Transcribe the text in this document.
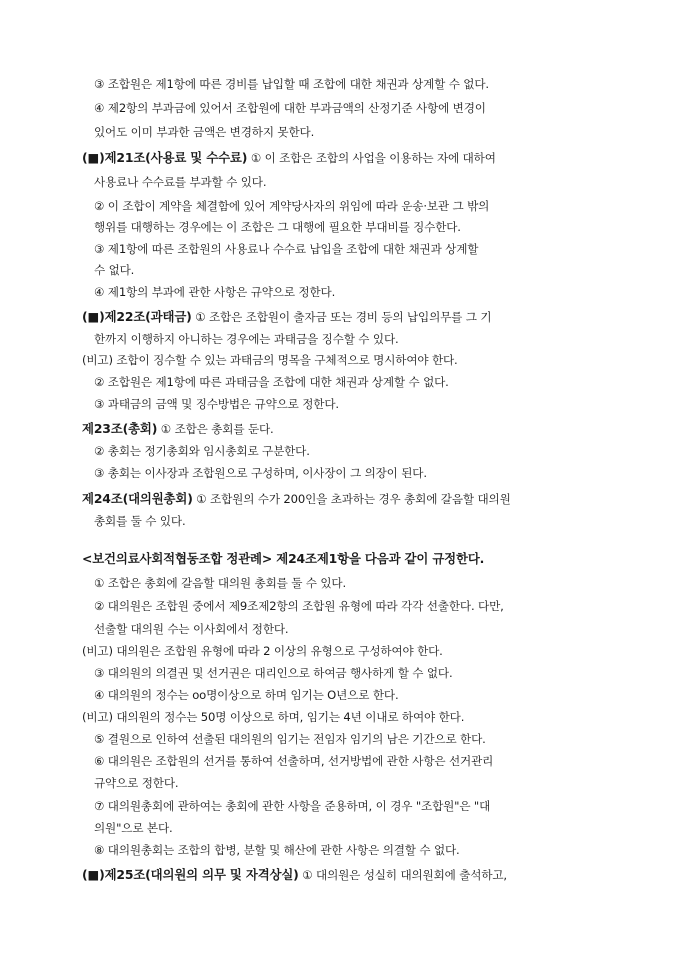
③ 조합원은 제1항에 따른 경비를 납입할 때 조합에 대한 채권과 상계할 수 없다.
④ 제2항의 부과금에 있어서 조합원에 대한 부과금액의 산정기준 사항에 변경이
있어도 이미 부과한 금액은 변경하지 못한다.
(■)제21조(사용료 및 수수료) ① 이 조합은 조합의 사업을 이용하는 자에 대하여
사용료나 수수료를 부과할 수 있다.
② 이 조합이 계약을 체결함에 있어 계약당사자의 위임에 따라 운송·보관 그 밖의
행위를 대행하는 경우에는 이 조합은 그 대행에 필요한 부대비를 징수한다.
③ 제1항에 따른 조합원의 사용료나 수수료 납입을 조합에 대한 채권과 상계할
수 없다.
④ 제1항의 부과에 관한 사항은 규약으로 정한다.
(■)제22조(과태금) ① 조합은 조합원이 출자금 또는 경비 등의 납입의무를 그 기
한까지 이행하지 아니하는 경우에는 과태금을 징수할 수 있다.
(비고) 조합이 징수할 수 있는 과태금의 명목을 구체적으로 명시하여야 한다.
② 조합원은 제1항에 따른 과태금을 조합에 대한 채권과 상계할 수 없다.
③ 과태금의 금액 및 징수방법은 규약으로 정한다.
제23조(총회) ① 조합은 총회를 둔다.
② 총회는 정기총회와 임시총회로 구분한다.
③ 총회는 이사장과 조합원으로 구성하며, 이사장이 그 의장이 된다.
제24조(대의원총회) ① 조합원의 수가 200인을 초과하는 경우 총회에 갈음할 대의원
총회를 둘 수 있다.
<보건의료사회적협동조합 정관례> 제24조제1항을 다음과 같이 규정한다.
① 조합은 총회에 갈음할 대의원 총회를 둘 수 있다.
② 대의원은 조합원 중에서 제9조제2항의 조합원 유형에 따라 각각 선출한다. 다만,
선출할 대의원 수는 이사회에서 정한다.
(비고) 대의원은 조합원 유형에 따라 2 이상의 유형으로 구성하여야 한다.
③ 대의원의 의결권 및 선거권은 대리인으로 하여금 행사하게 할 수 없다.
④ 대의원의 정수는 oo명이상으로 하며 임기는 O년으로 한다.
(비고) 대의원의 정수는 50명 이상으로 하며, 임기는 4년 이내로 하여야 한다.
⑤ 결원으로 인하여 선출된 대의원의 임기는 전임자 임기의 남은 기간으로 한다.
⑥ 대의원은 조합원의 선거를 통하여 선출하며, 선거방법에 관한 사항은 선거관리
규약으로 정한다.
⑦ 대의원총회에 관하여는 총회에 관한 사항을 준용하며, 이 경우 "조합원"은 "대
의원"으로 본다.
⑧ 대의원총회는 조합의 합병, 분할 및 해산에 관한 사항은 의결할 수 없다.
(■)제25조(대의원의 의무 및 자격상실) ① 대의원은 성실히 대의원회에 출석하고,
